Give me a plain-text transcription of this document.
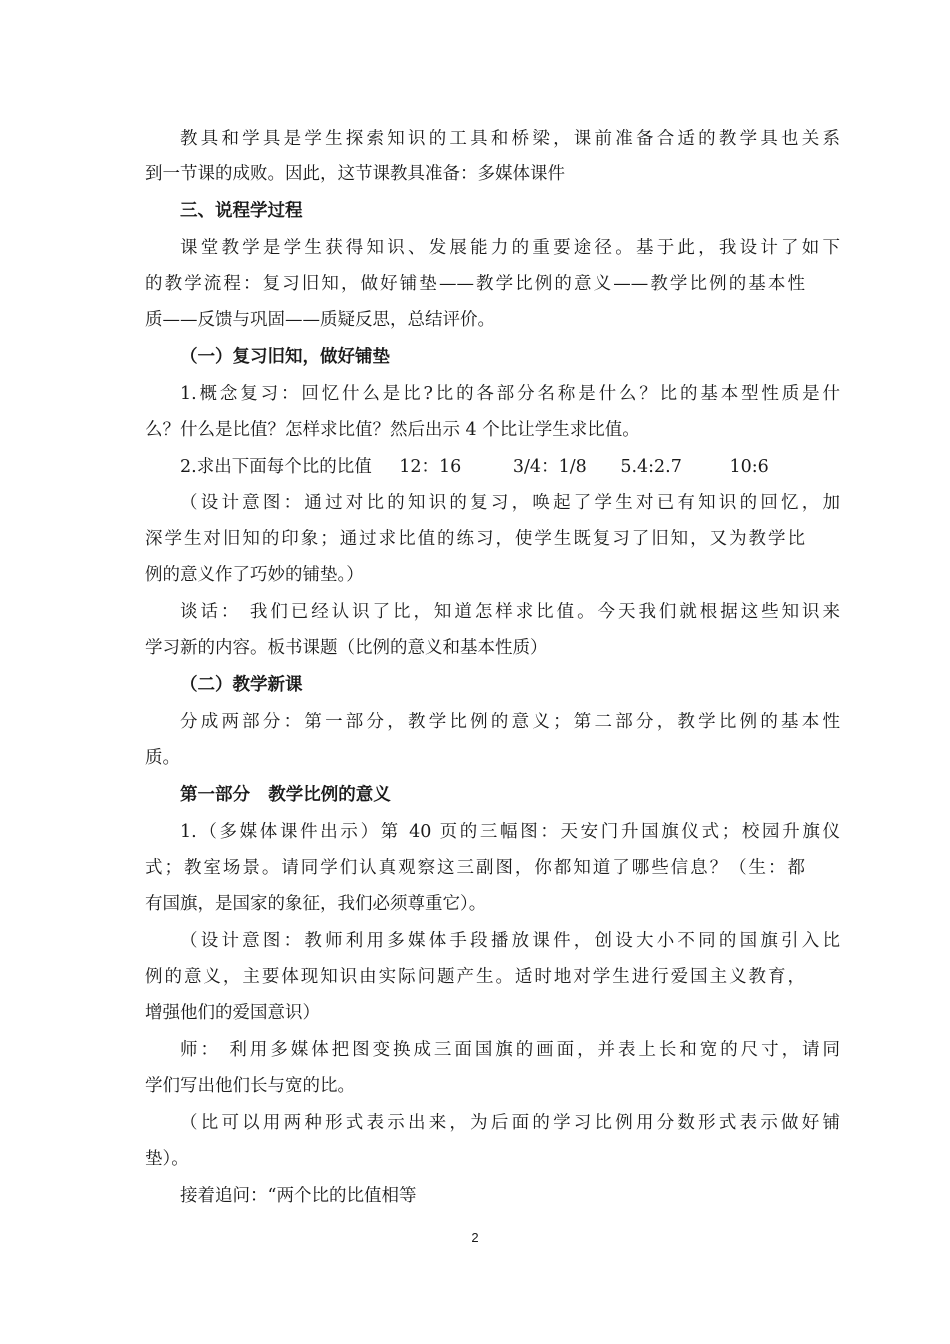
教具和学具是学生探索知识的工具和桥梁，课前准备合适的教学具也关系
到一节课的成败。因此，这节课教具准备：多媒体课件
三、说程学过程
课堂教学是学生获得知识、发展能力的重要途径。基于此，我设计了如下
的教学流程：复习旧知，做好铺垫——教学比例的意义——教学比例的基本性
质——反馈与巩固——质疑反思，总结评价。
（一）复习旧知，做好铺垫
1.概念复习：回忆什么是比?比的各部分名称是什么？比的基本型性质是什
么？什么是比值？怎样求比值？然后出示 4 个比让学生求比值。
2.求出下面每个比的比值 12：16	3/4：1/8 5.4:2.7	10:6
（设计意图：通过对比的知识的复习，唤起了学生对已有知识的回忆，加
深学生对旧知的印象；通过求比值的练习，使学生既复习了旧知，又为教学比
例的意义作了巧妙的铺垫。）
谈话： 我们已经认识了比，知道怎样求比值。今天我们就根据这些知识来
学习新的内容。板书课题（比例的意义和基本性质）
（二）教学新课
分成两部分：第一部分，教学比例的意义；第二部分，教学比例的基本性
质。
第一部分   教学比例的意义
1.（多媒体课件出示）第 40 页的三幅图：天安门升国旗仪式；校园升旗仪
式；教室场景。请同学们认真观察这三副图，你都知道了哪些信息？（生：都
有国旗，是国家的象征，我们必须尊重它）。
（设计意图：教师利用多媒体手段播放课件，创设大小不同的国旗引入比
例的意义，主要体现知识由实际问题产生。适时地对学生进行爱国主义教育，
增强他们的爱国意识）
师： 利用多媒体把图变换成三面国旗的画面，并表上长和宽的尺寸，请同
学们写出他们长与宽的比。
（比可以用两种形式表示出来，为后面的学习比例用分数形式表示做好铺
垫）。
接着追问：“两个比的比值相等
2
